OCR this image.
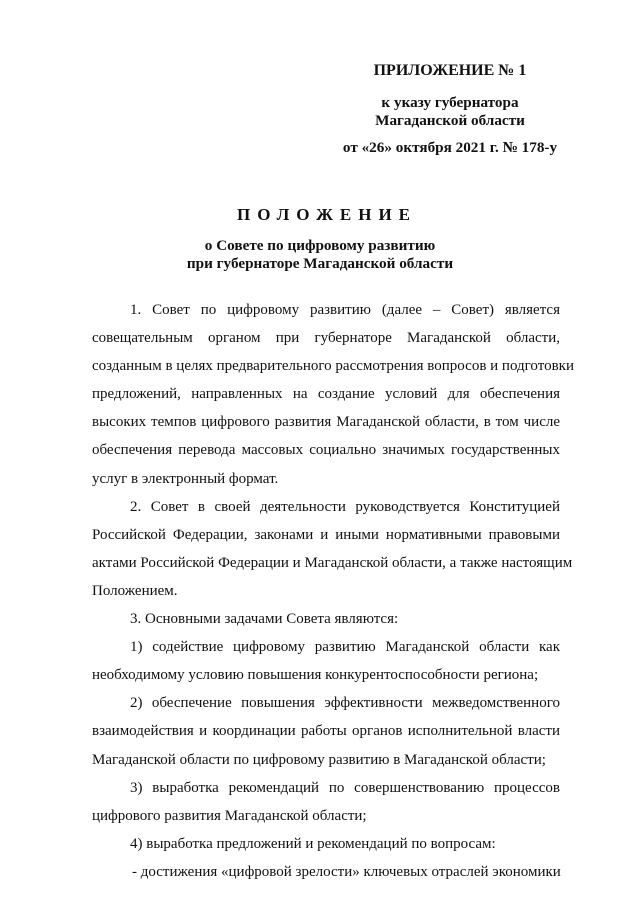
ПРИЛОЖЕНИЕ № 1
к указу губернатора
Магаданской области
от «26» октября 2021 г. № 178-у
ПОЛОЖЕНИЕ
о Совете по цифровому развитию
при губернаторе Магаданской области
1. Совет по цифровому развитию (далее – Совет) является
совещательным органом при губернаторе Магаданской области,
созданным в целях предварительного рассмотрения вопросов и подготовки
предложений, направленных на создание условий для обеспечения
высоких темпов цифрового развития Магаданской области, в том числе
обеспечения перевода массовых социально значимых государственных
услуг в электронный формат.
2. Совет в своей деятельности руководствуется Конституцией
Российской Федерации, законами и иными нормативными правовыми
актами Российской Федерации и Магаданской области, а также настоящим
Положением.
3. Основными задачами Совета являются:
1) содействие цифровому развитию Магаданской области как
необходимому условию повышения конкурентоспособности региона;
2) обеспечение повышения эффективности межведомственного
взаимодействия и координации работы органов исполнительной власти
Магаданской области по цифровому развитию в Магаданской области;
3) выработка рекомендаций по совершенствованию процессов
цифрового развития Магаданской области;
4) выработка предложений и рекомендаций по вопросам:
- достижения «цифровой зрелости» ключевых отраслей экономики
